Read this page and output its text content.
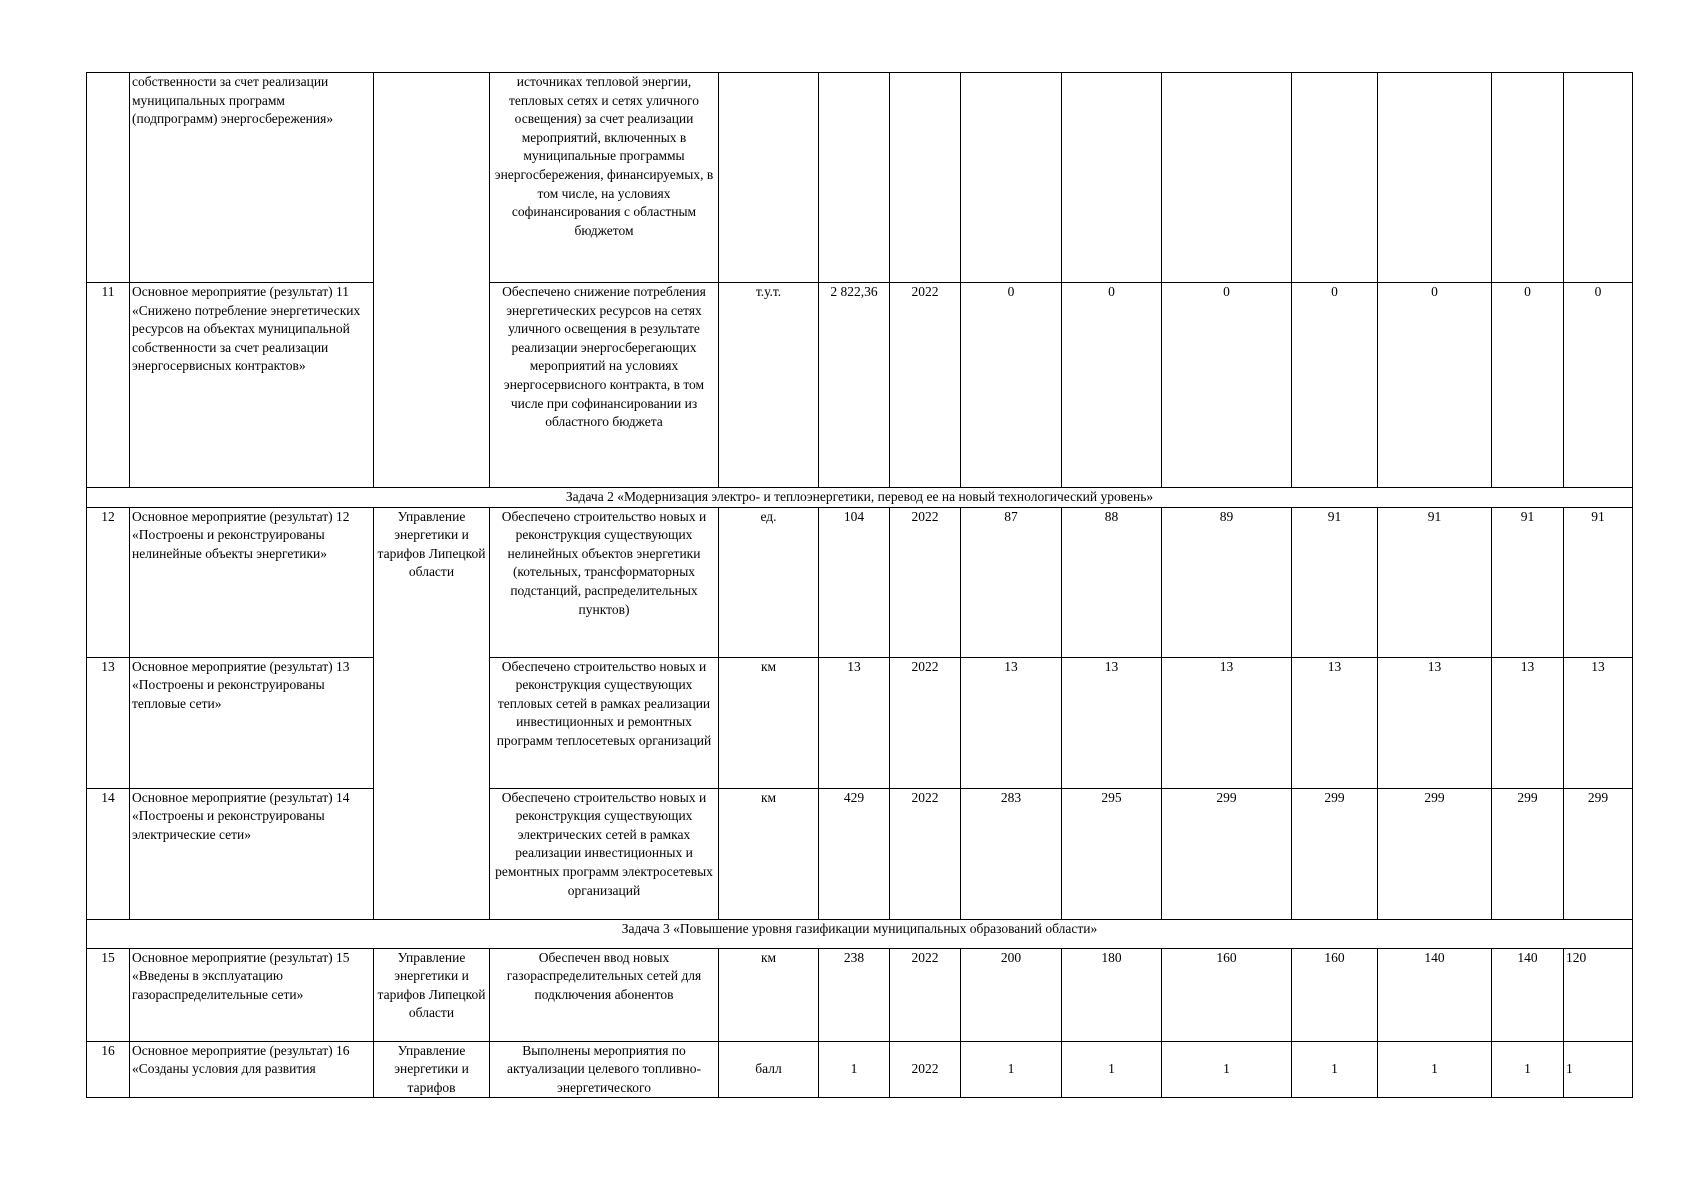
	собственности за счет реализации муниципальных программ (подпрограмм) энергосбережения»		источниках тепловой энергии, тепловых сетях и сетях уличного освещения) за счет реализации мероприятий, включенных в муниципальные программы энергосбережения, финансируемых, в том числе, на условиях софинансирования с областным бюджетом										
11	Основное мероприятие (результат) 11 «Снижено потребление энергетических ресурсов на объектах муниципальной собственности за счет реализации энергосервисных контрактов»		Обеспечено снижение потребления энергетических ресурсов на сетях уличного освещения в результате реализации энергосберегающих мероприятий на условиях энергосервисного контракта, в том числе при софинансировании из областного бюджета	т.у.т.	2 822,36	2022	0	0	0	0	0	0	0
Задача 2 «Модернизация электро- и теплоэнергетики, перевод ее на новый технологический уровень»													
12	Основное мероприятие (результат) 12 «Построены и реконструированы нелинейные объекты энергетики»	Управление энергетики и тарифов Липецкой области	Обеспечено строительство новых и реконструкция существующих нелинейных объектов энергетики (котельных, трансформаторных подстанций, распределительных пунктов)	ед.	104	2022	87	88	89	91	91	91	91
13	Основное мероприятие (результат) 13 «Построены и реконструированы тепловые сети»		Обеспечено строительство новых и реконструкция существующих тепловых сетей в рамках реализации инвестиционных и ремонтных программ теплосетевых организаций	км	13	2022	13	13	13	13	13	13	13
14	Основное мероприятие (результат) 14 «Построены и реконструированы электрические сети»		Обеспечено строительство новых и реконструкция существующих электрических сетей в рамках реализации инвестиционных и ремонтных программ электросетевых организаций	км	429	2022	283	295	299	299	299	299	299
Задача 3 «Повышение уровня газификации муниципальных образований области»													
15	Основное мероприятие (результат) 15 «Введены в эксплуатацию газораспределительные сети»	Управление энергетики и тарифов Липецкой области	Обеспечен ввод новых газораспределительных сетей для подключения абонентов	км	238	2022	200	180	160	160	140	140	120
16	Основное мероприятие (результат) 16 «Созданы условия для развития	Управление энергетики и тарифов	Выполнены мероприятия по актуализации целевого топливно-энергетического	балл	1	2022	1	1	1	1	1	1	1
